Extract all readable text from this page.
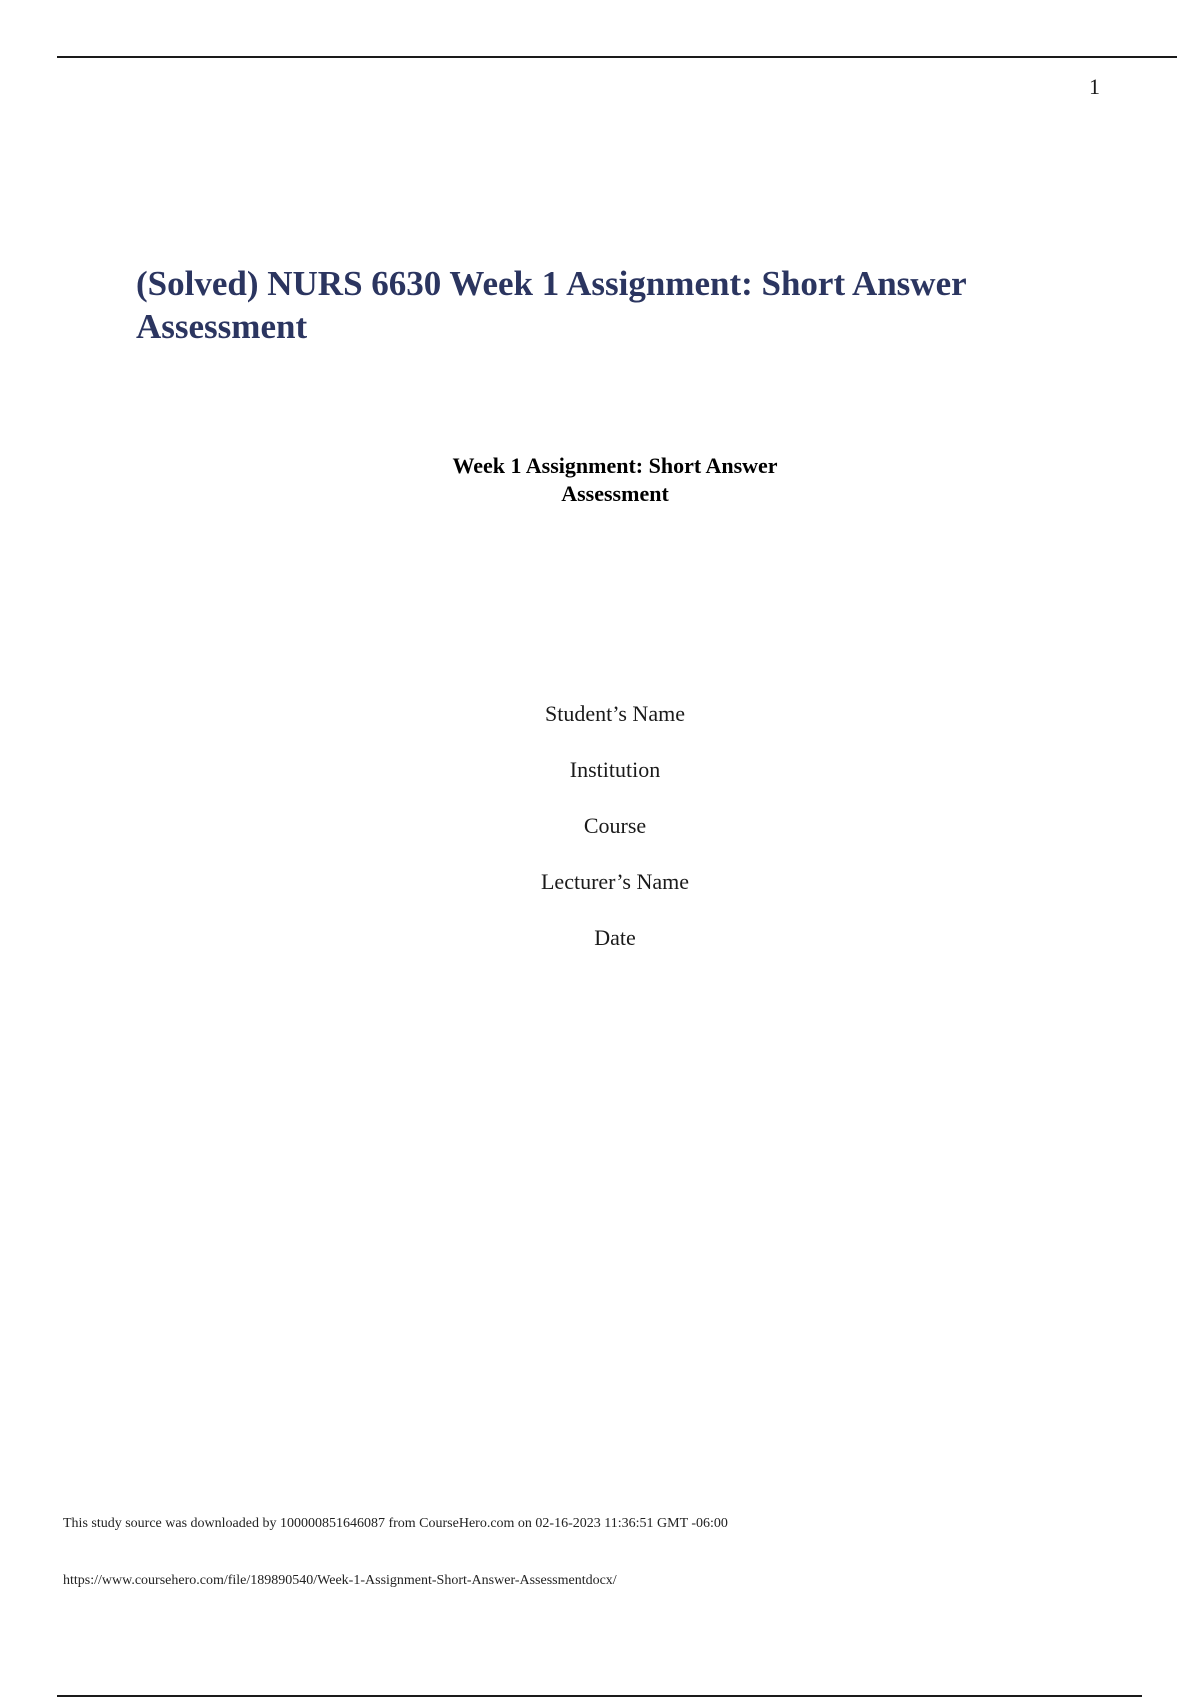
1
(Solved) NURS 6630 Week 1 Assignment: Short Answer Assessment
Week 1 Assignment: Short Answer
Assessment
Student’s Name
Institution
Course
Lecturer’s Name
Date
This study source was downloaded by 100000851646087 from CourseHero.com on 02-16-2023 11:36:51 GMT -06:00
https://www.coursehero.com/file/189890540/Week-1-Assignment-Short-Answer-Assessmentdocx/
